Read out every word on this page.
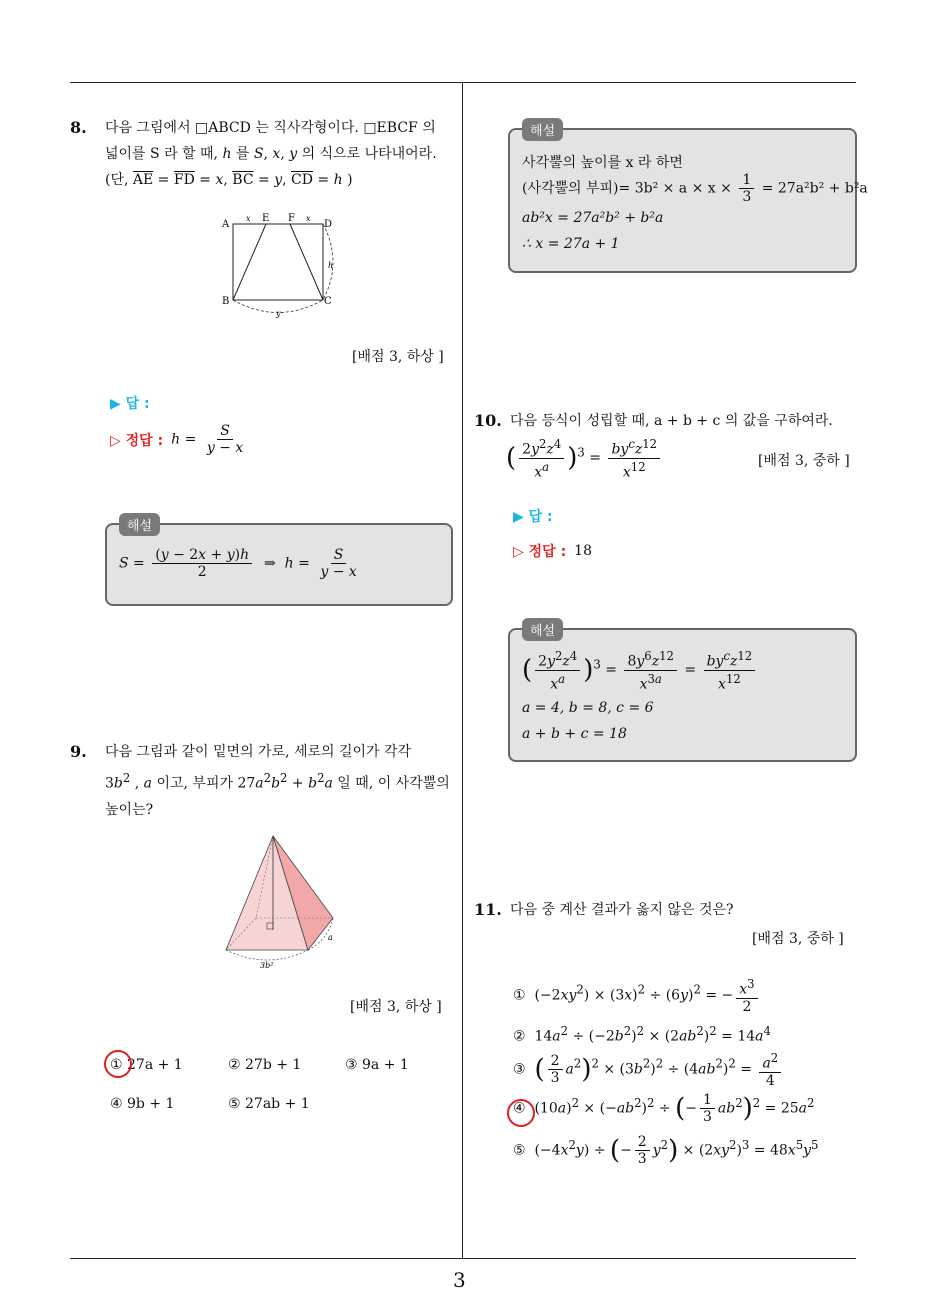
8. 다음 그림에서 □ABCD 는 직사각형이다. □EBCF 의
넓이를 S 라 할 때, h 를 S, x, y 의 식으로 나타내어라.
(단, $\overline{AE} = \overline{FD} = x$, $\overline{BC} = y$, $\overline{CD} = h$ )
A
E F
D
B	C
x	x
h
y
[배점 3, 하상 ]
▶ 답 :
▷ 정답 : $h = \frac{S}{y - x}$
해설
$S = \frac{(y - 2x + y)h}{2}$ ⇒  $h = \frac{S}{y - x}$
9. 다음 그림과 같이 밑면의 가로, 세로의 길이가 각각
$3b^2$ , a 이고, 부피가 $27a^2b^2 + b^2a$ 일 때, 이 사각뿔의
높이는?
3b²
a
[배점 3, 하상 ]
① 27a + 1	② 27b + 1	③ 9a + 1
④ 9b + 1	⑤ 27ab + 1
해설
사각뿔의 높이를 x 라 하면
(사각뿔의 부피)= $3b^2 \times a \times x \times \frac{1}{3} = 27a^2b^2 + b^2a$
ab²x = 27a²b² + b²a
∴ x = 27a + 1
10. 다음 등식이 성립할 때, a + b + c 의 값을 구하여라.
( $\frac{2y^2z^4}{x^a} )^3 = \frac{by^cz^{12}}{x^{12}}$	[배점 3, 중하 ]
▶ 답 :
▷ 정답 : 18
해설
( $\frac{2y^2z^4}{x^a} )^3 = \frac{8y^6z^{12}}{x^{3a}} = \frac{by^cz^{12}}{x^{12}}$
a = 4, b = 8, c = 6
a + b + c = 18
11. 다음 중 계산 결과가 옳지 않은 것은?
[배점 3, 중하 ]
①  $(-2xy^2) \times (3x)^2 \div (6y)^2$ = − $\frac{x^3}{2}$
②  $14a^2 \div (-2b^2)^2 \times (2ab^2)^2 = 14a^4$
③  ( $\frac{2}{3} a^2)^2 \times (3b^2)^2 \div (4ab^2)^2 = \frac{a^2}{4}$
④  $(10a)^2 \times (-ab^2)^2$ ÷ (− $\frac{1}{3} ab^2)^2 = 25a^2$
⑤  $(-4x^2y)$ ÷ (− $\frac{2}{3} y^2) \times (2xy^2)^3 = 48x^5y^5$
3
